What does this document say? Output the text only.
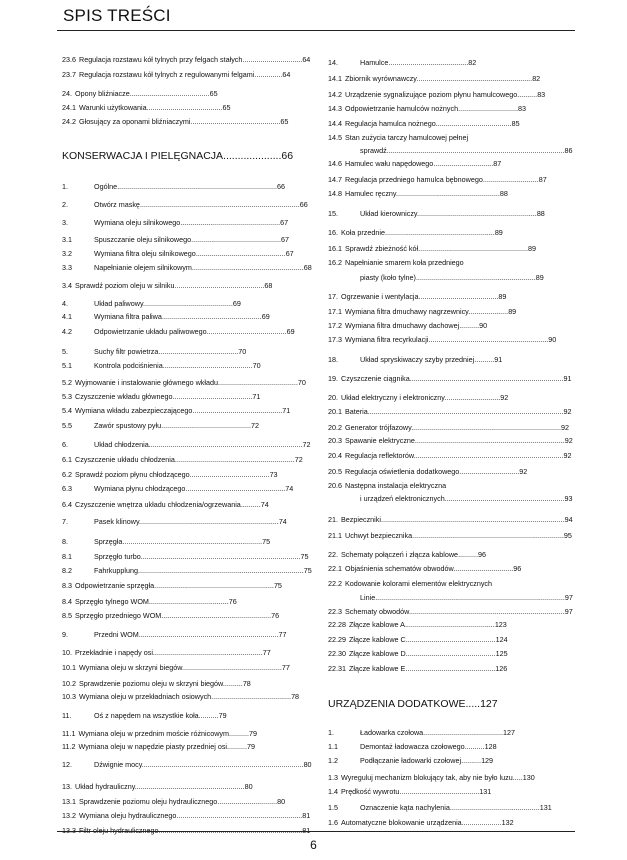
SPIS TREŚCI
23.6 Regulacja rozstawu kół tylnych przy felgach stałych..............................64
23.7 Regulacja rozstawu kół tylnych z regulowanymi felgami..............64
24. Opony bliźniacze........................................65
24.1 Warunki użytkowania......................................65
24.2 Głosujący za oponami bliźniaczymi.............................................65
KONSERWACJA I PIELĘGNACJA....................66
1.	Ogólne................................................................................66
2.	Otwórz maskę................................................................................66
3.	Wymiana oleju silnikowego..................................................67
3.1	Spuszczanie oleju silnikowego.............................................67
3.2	Wymiana filtra oleju silnikowego.............................................67
3.3	Napełnianie olejem silnikowym........................................................68
3.4 Sprawdź poziom oleju w silniku.............................................68
4.	Układ paliwowy.............................................69
4.1	Wymiana filtra paliwa..................................................69
4.2	Odpowietrzanie układu paliwowego........................................69
5.	Suchy filtr powietrza........................................70
5.1	Kontrola podciśnienia.............................................70
5.2 Wyjmowanie i instalowanie głównego wkładu........................................70
5.3 Czyszczenie wkładu głównego........................................71
5.4 Wymiana wkładu zabezpieczającego.............................................71
5.5	Zawór spustowy pyłu.............................................72
6.	Układ chłodzenia.............................................................................72
6.1 Czyszczenie układu chłodzenia............................................................72
6.2 Sprawdź poziom płynu chłodzącego........................................73
6.3	Wymiana płynu chłodzącego..................................................74
6.4 Czyszczenie wnętrza układu chłodzenia/ogrzewania..........74
7.	Pasek klinowy......................................................................74
8.	Sprzęgła......................................................................75
8.1	Sprzęgło turbo................................................................................75
8.2	Fahrkupplung...................................................................................75
8.3 Odpowietrzanie sprzęgła............................................................75
8.4 Sprzęgło tylnego WOM........................................76
8.5 Sprzęgło przedniego WOM.......................................................76
9.	Przedni WOM......................................................................77
10. Przekładnie i napędy osi.......................................................77
10.1 Wymiana oleju w skrzyni biegów..................................................77
10.2 Sprawdzenie poziomu oleju w skrzyni biegów..........78
10.3 Wymiana oleju w przekładniach osiowych........................................78
11.	Oś z napędem na wszystkie koła..........79
11.1 Wymiana oleju w przednim moście różnicowym..........79
11.2 Wymiana oleju w napędzie piasty przedniej osi..........79
12.	Dźwignie mocy.................................................................................80
13. Układ hydrauliczny.......................................................80
13.1 Sprawdzenie poziomu oleju hydraulicznego..............................80
13.2 Wymiana oleju hydraulicznego...............................................................81
14.	Hamulce........................................82
14.1 Zbiornik wyrównawczy..........................................................82
14.2 Urządzenie sygnalizujące poziom płynu hamulcowego..........83
14.3 Odpowietrzanie hamulców nożnych..............................83
14.4 Regulacja hamulca nożnego......................................85
14.5 Stan zużycia tarczy hamulcowej pełnej
sprawdź.........................................................................................86
14.6 Hamulec wału napędowego..............................87
14.7 Regulacja przedniego hamulca bębnowego............................87
14.8 Hamulec ręczny....................................................88
15.	Układ kierowniczy............................................................88
16. Koła przednie.......................................................89
16.1 Sprawdź zbieżność kół.......................................................89
16.2 Napełnianie smarem koła przedniego
piasty (koło tylne)............................................................89
17. Ogrzewanie i wentylacja........................................89
17.1 Wymiana filtra dmuchawy nagrzewnicy....................89
17.2 Wymiana filtra dmuchawy dachowej..........90
17.3 Wymiana filtra recyrkulacji............................................................90
18.	Układ spryskiwaczy szyby przedniej..........91
19. Czyszczenie ciągnika.............................................................................91
20. Układ elektryczny i elektroniczny............................92
20.1 Bateria..................................................................................................92
20.2 Generator trójfazowy...........................................................................92
20.3 Spawanie elektryczne...........................................................................92
20.4 Regulacja reflektorów...........................................................................92
20.5 Regulacja oświetlenia dodatkowego..............................92
20.6 Następna instalacja elektryczna
i urządzeń elektronicznych............................................................93
21. Bezpieczniki............................................................................................94
21.1 Uchwyt bezpiecznika............................................................................95
22. Schematy połączeń i złącza kablowe..........96
22.1 Objaśnienia schematów obwodów..............................96
22.2 Kodowanie kolorami elementów elektrycznych
Linie...............................................................................................97
22.3 Schematy obwodów..............................................................................97
22.28 Złącze kablowe A.............................................123
22.29 Złącze kablowe C.............................................124
22.30 Złącze kablowe D.............................................125
22.31 Złącze kablowe E.............................................126
URZĄDZENIA DODATKOWE.....127
1.	Ładowarka czołowa........................................127
1.1	Demontaż ładowacza czołowego..........128
1.2	Podłączanie ładowarki czołowej..........129
1.3 Wyreguluj mechanizm blokujący tak, aby nie było luzu.....130
1.4 Prędkość wywrotu........................................131
1.5	Oznaczenie kąta nachylenia.............................................131
1.6 Automatyczne blokowanie urządzenia....................132
6
